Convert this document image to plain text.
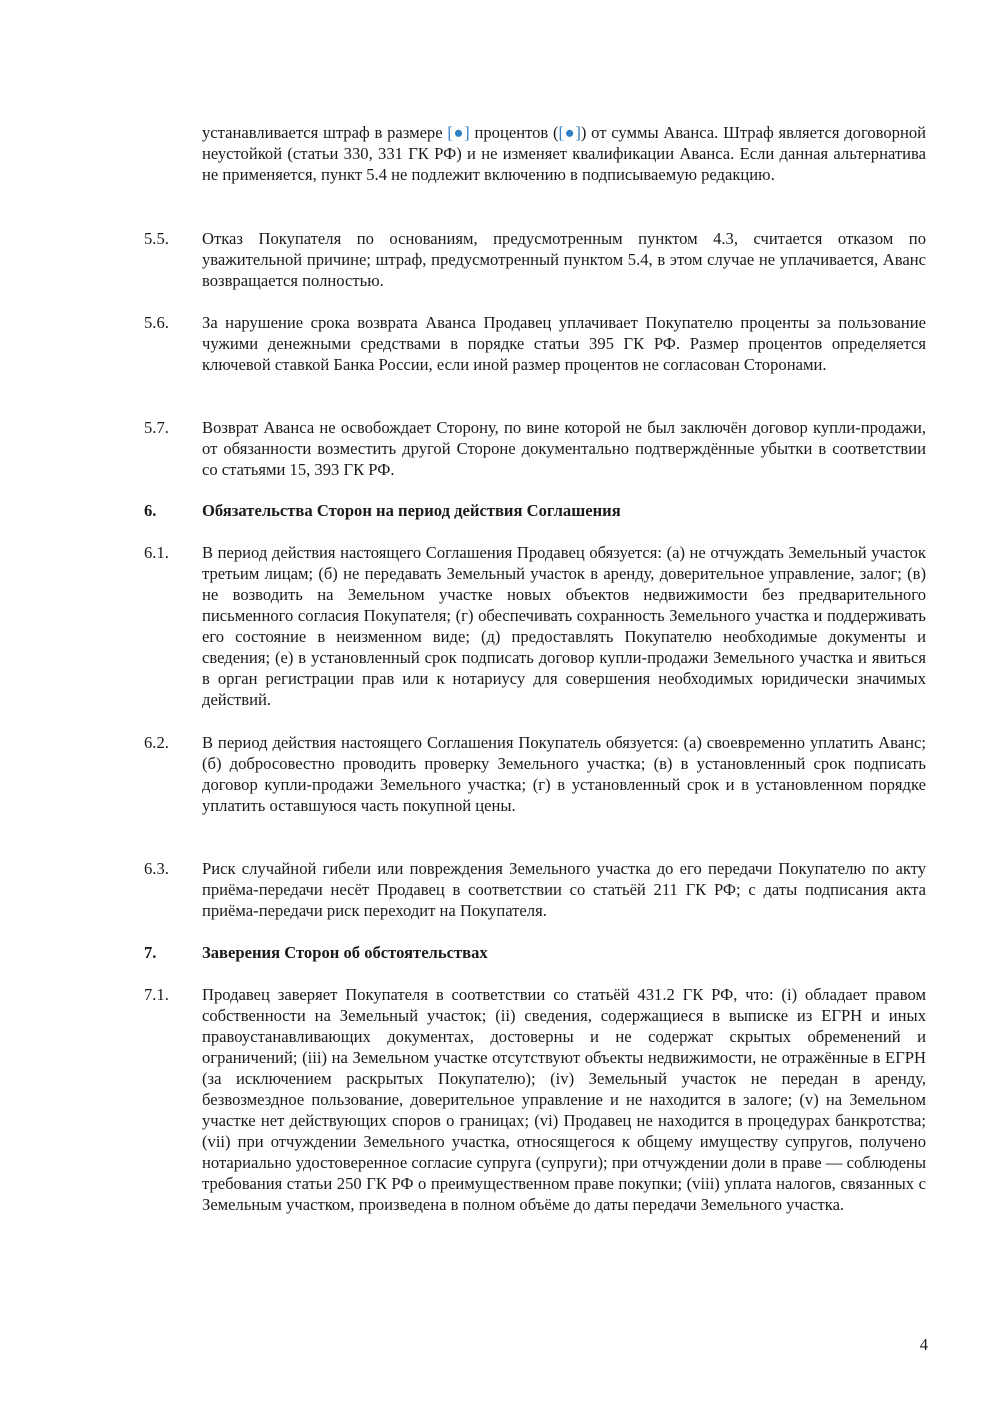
устанавливается штраф в размере [●] процентов ([●]) от суммы Аванса. Штраф является договорной неустойкой (статьи 330, 331 ГК РФ) и не изменяет квалификации Аванса. Если данная альтернатива не применяется, пункт 5.4 не подлежит включению в подписываемую редакцию.
5.5.	Отказ Покупателя по основаниям, предусмотренным пунктом 4.3, считается отказом по уважительной причине; штраф, предусмотренный пунктом 5.4, в этом случае не уплачивается, Аванс возвращается полностью.
5.6.	За нарушение срока возврата Аванса Продавец уплачивает Покупателю проценты за пользование чужими денежными средствами в порядке статьи 395 ГК РФ. Размер процентов определяется ключевой ставкой Банка России, если иной размер процентов не согласован Сторонами.
5.7.	Возврат Аванса не освобождает Сторону, по вине которой не был заключён договор купли-продажи, от обязанности возместить другой Стороне документально подтверждённые убытки в соответствии со статьями 15, 393 ГК РФ.
6.	Обязательства Сторон на период действия Соглашения
6.1.	В период действия настоящего Соглашения Продавец обязуется: (а) не отчуждать Земельный участок третьим лицам; (б) не передавать Земельный участок в аренду, доверительное управление, залог; (в) не возводить на Земельном участке новых объектов недвижимости без предварительного письменного согласия Покупателя; (г) обеспечивать сохранность Земельного участка и поддерживать его состояние в неизменном виде; (д) предоставлять Покупателю необходимые документы и сведения; (е) в установленный срок подписать договор купли-продажи Земельного участка и явиться в орган регистрации прав или к нотариусу для совершения необходимых юридически значимых действий.
6.2.	В период действия настоящего Соглашения Покупатель обязуется: (а) своевременно уплатить Аванс; (б) добросовестно проводить проверку Земельного участка; (в) в установленный срок подписать договор купли-продажи Земельного участка; (г) в установленный срок и в установленном порядке уплатить оставшуюся часть покупной цены.
6.3.	Риск случайной гибели или повреждения Земельного участка до его передачи Покупателю по акту приёма-передачи несёт Продавец в соответствии со статьёй 211 ГК РФ; с даты подписания акта приёма-передачи риск переходит на Покупателя.
7.	Заверения Сторон об обстоятельствах
7.1.	Продавец заверяет Покупателя в соответствии со статьёй 431.2 ГК РФ, что: (i) обладает правом собственности на Земельный участок; (ii) сведения, содержащиеся в выписке из ЕГРН и иных правоустанавливающих документах, достоверны и не содержат скрытых обременений и ограничений; (iii) на Земельном участке отсутствуют объекты недвижимости, не отражённые в ЕГРН (за исключением раскрытых Покупателю); (iv) Земельный участок не передан в аренду, безвозмездное пользование, доверительное управление и не находится в залоге; (v) на Земельном участке нет действующих споров о границах; (vi) Продавец не находится в процедурах банкротства; (vii) при отчуждении Земельного участка, относящегося к общему имуществу супругов, получено нотариально удостоверенное согласие супруга (супруги); при отчуждении доли в праве — соблюдены требования статьи 250 ГК РФ о преимущественном праве покупки; (viii) уплата налогов, связанных с Земельным участком, произведена в полном объёме до даты передачи Земельного участка.
4
